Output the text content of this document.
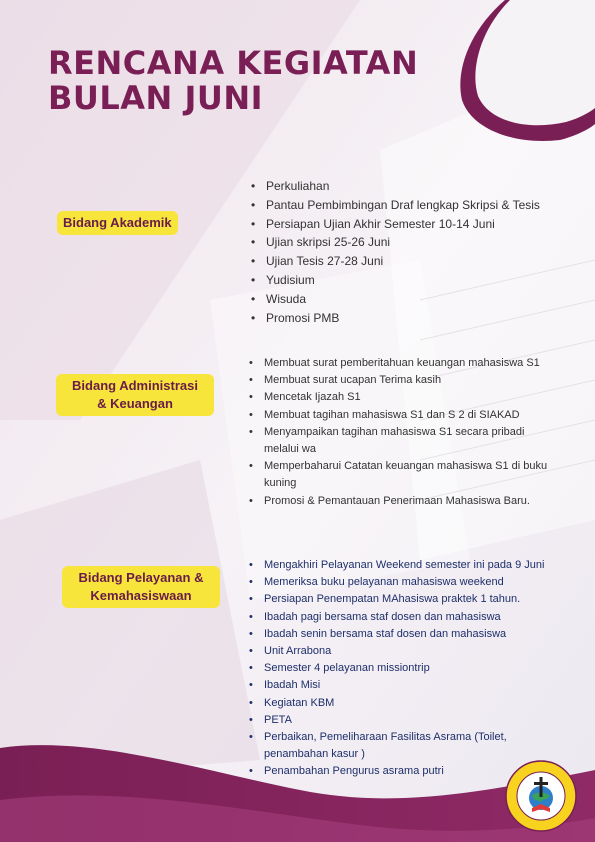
RENCANA KEGIATAN
BULAN JUNI
Bidang Akademik
• Perkuliahan
• Pantau Pembimbingan Draf lengkap Skripsi & Tesis
• Persiapan Ujian Akhir Semester 10-14 Juni
• Ujian skripsi 25-26 Juni
• Ujian Tesis 27-28 Juni
• Yudisium
• Wisuda
• Promosi PMB
Bidang Administrasi
& Keuangan
• Membuat surat pemberitahuan keuangan mahasiswa S1
• Membuat surat ucapan Terima kasih
• Mencetak Ijazah S1
• Membuat tagihan mahasiswa S1 dan S 2 di SIAKAD
• Menyampaikan tagihan mahasiswa S1 secara pribadi melalui wa
• Memperbaharui Catatan keuangan mahasiswa S1 di buku kuning
• Promosi & Pemantauan Penerimaan Mahasiswa Baru.
Bidang Pelayanan &
Kemahasiswaan
• Mengakhiri Pelayanan Weekend semester ini pada 9 Juni
• Memeriksa buku pelayanan mahasiswa weekend
• Persiapan Penempatan MAhasiswa praktek 1 tahun.
• Ibadah pagi bersama staf dosen dan mahasiswa
• Ibadah senin bersama staf dosen dan mahasiswa
• Unit Arrabona
• Semester 4 pelayanan missiontrip
• Ibadah Misi
• Kegiatan KBM
• PETA
• Perbaikan, Pemeliharaan Fasilitas Asrama (Toilet, penambahan kasur )
• Penambahan Pengurus asrama putri
